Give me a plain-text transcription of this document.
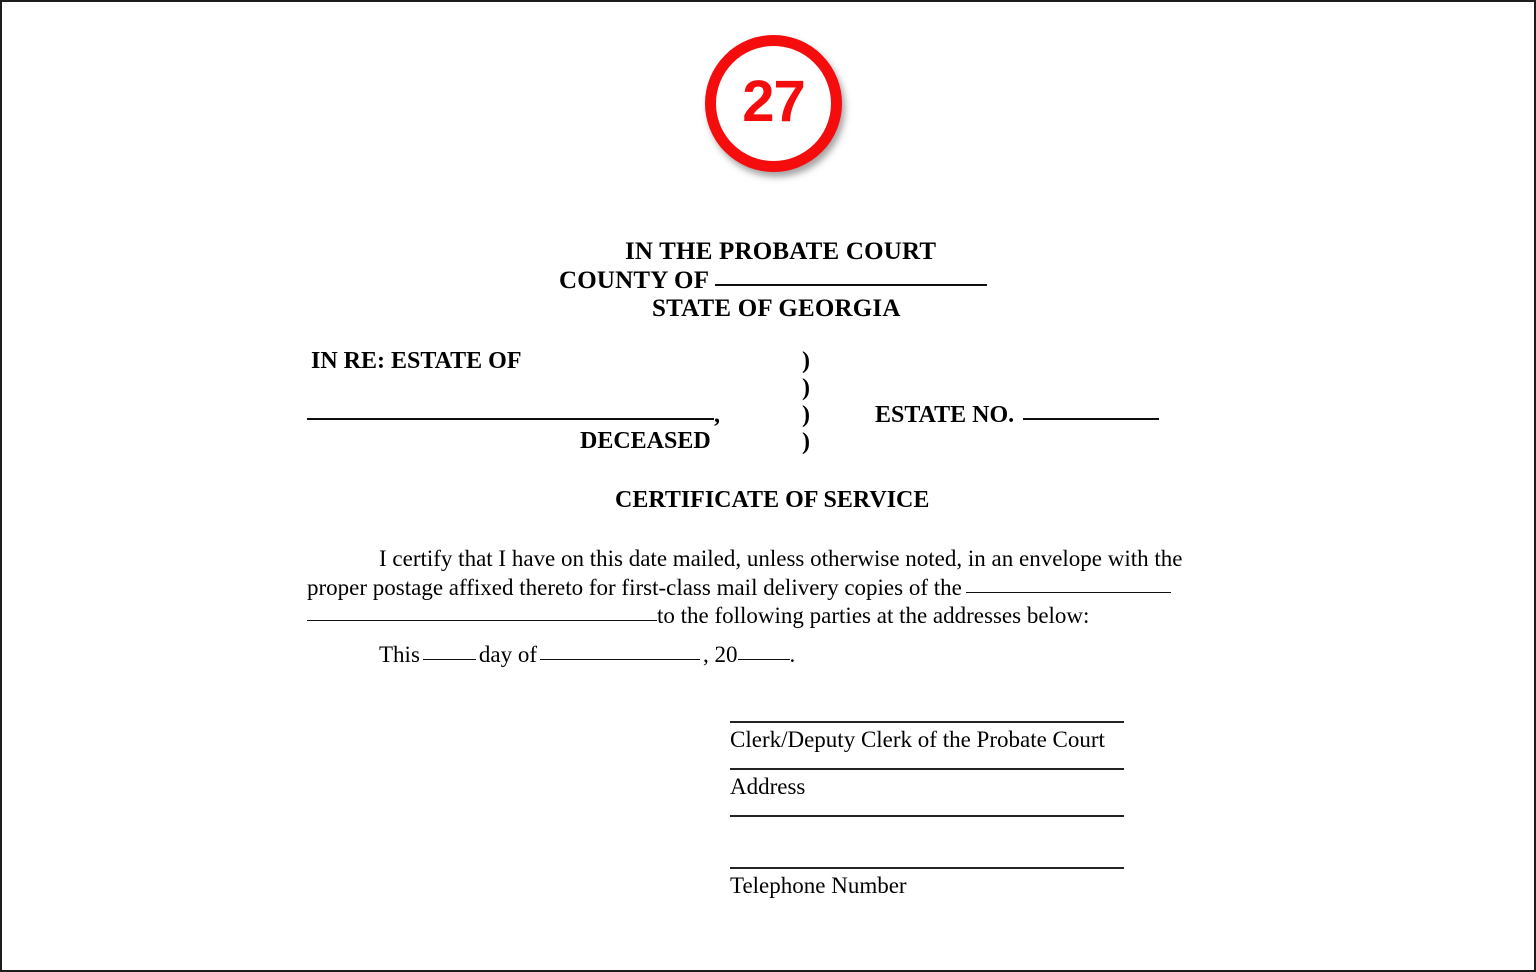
27
IN THE PROBATE COURT
COUNTY OF
STATE OF GEORGIA
IN RE: ESTATE OF
,
DECEASED
)
)
)
)
ESTATE NO.
CERTIFICATE OF SERVICE
I certify that I have on this date mailed, unless otherwise noted, in an envelope with the
proper postage affixed thereto for first-class mail delivery copies of the
to the following parties at the addresses below:
This	day of	, 20 .
Clerk/Deputy Clerk of the Probate Court
Address
Telephone Number
